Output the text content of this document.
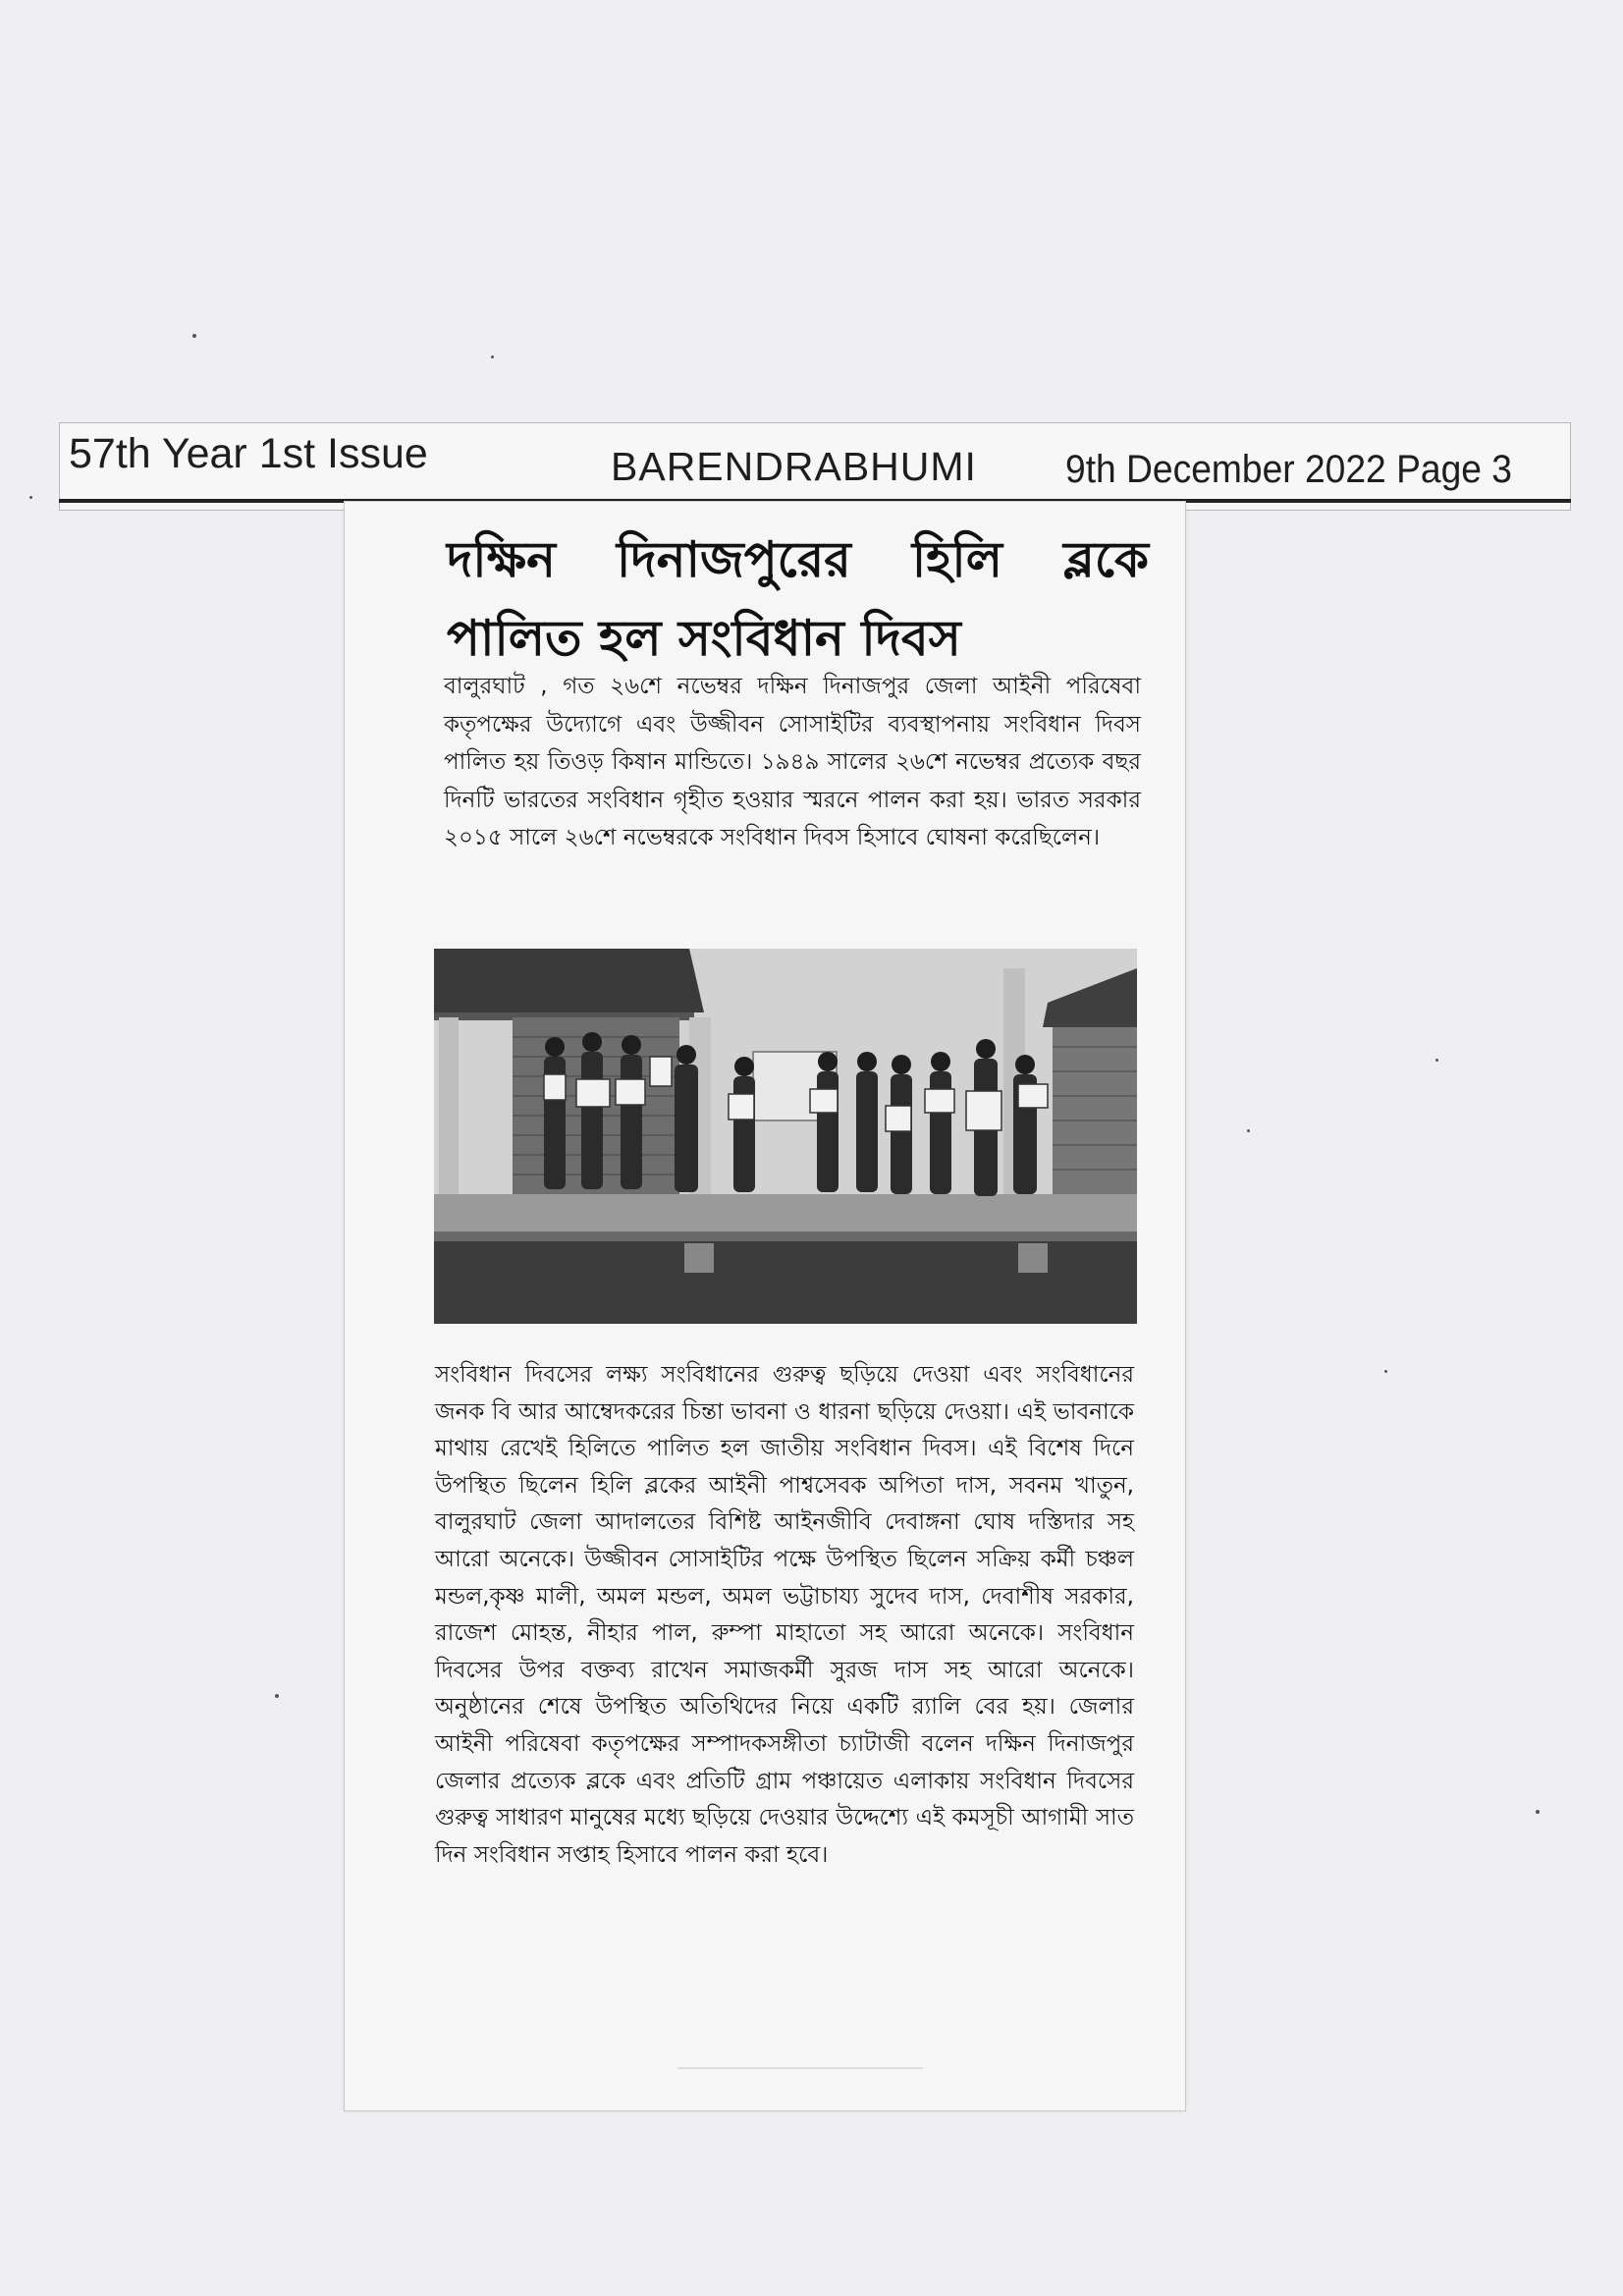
57th Year 1st Issue	BARENDRABHUMI 9th December 2022 Page 3
দক্ষিন দিনাজপুরের হিলি ব্লকে পালিত হল সংবিধান দিবস

বালুরঘাট , গত ২৬শে নভেম্বর দক্ষিন দিনাজপুর জেলা আইনী পরিষেবা কতৃপক্ষের উদ্যোগে এবং উজ্জীবন সোসাইটির ব্যবস্থাপনায় সংবিধান দিবস পালিত হয় তিওড় কিষান মান্ডিতে। ১৯৪৯ সালের ২৬শে নভেম্বর প্রত্যেক বছর দিনটি ভারতের সংবিধান গৃহীত হওয়ার স্মরনে পালন করা হয়। ভারত সরকার ২০১৫ সালে ২৬শে নভেম্বরকে সংবিধান দিবস হিসাবে ঘোষনা করেছিলেন।

সংবিধান দিবসের লক্ষ্য সংবিধানের গুরুত্ব ছড়িয়ে দেওয়া এবং সংবিধানের জনক বি আর আম্বেদকরের চিন্তা ভাবনা ও ধারনা ছড়িয়ে দেওয়া। এই ভাবনাকে মাথায় রেখেই হিলিতে পালিত হল জাতীয় সংবিধান দিবস। এই বিশেষ দিনে উপস্থিত ছিলেন হিলি ব্লকের আইনী পাশ্বসেবক অপিতা দাস, সবনম খাতুন, বালুরঘাট জেলা আদালতের বিশিষ্ট আইনজীবি দেবাঙ্গনা ঘোষ দস্তিদার সহ আরো অনেকে। উজ্জীবন সোসাইটির পক্ষে উপস্থিত ছিলেন সক্রিয় কর্মী চঞ্চল মন্ডল,কৃষ্ণ মালী, অমল মন্ডল, অমল ভট্টাচায্য সুদেব দাস, দেবাশীষ সরকার, রাজেশ মোহন্ত, নীহার পাল, রুম্পা মাহাতো সহ আরো অনেকে। সংবিধান দিবসের উপর বক্তব্য রাখেন সমাজকর্মী সুরজ দাস সহ আরো অনেকে। অনুষ্ঠানের শেষে উপস্থিত অতিথিদের নিয়ে একটি র‍্যালি বের হয়। জেলার আইনী পরিষেবা কতৃপক্ষের সম্পাদকসঙ্গীতা চ্যাটাজী বলেন দক্ষিন দিনাজপুর জেলার প্রত্যেক ব্লকে এবং প্রতিটি গ্রাম পঞ্চায়েত এলাকায় সংবিধান দিবসের গুরুত্ব সাধারণ মানুষের মধ্যে ছড়িয়ে দেওয়ার উদ্দেশ্যে এই কমসূচী আগামী সাত দিন সংবিধান সপ্তাহ হিসাবে পালন করা হবে।
